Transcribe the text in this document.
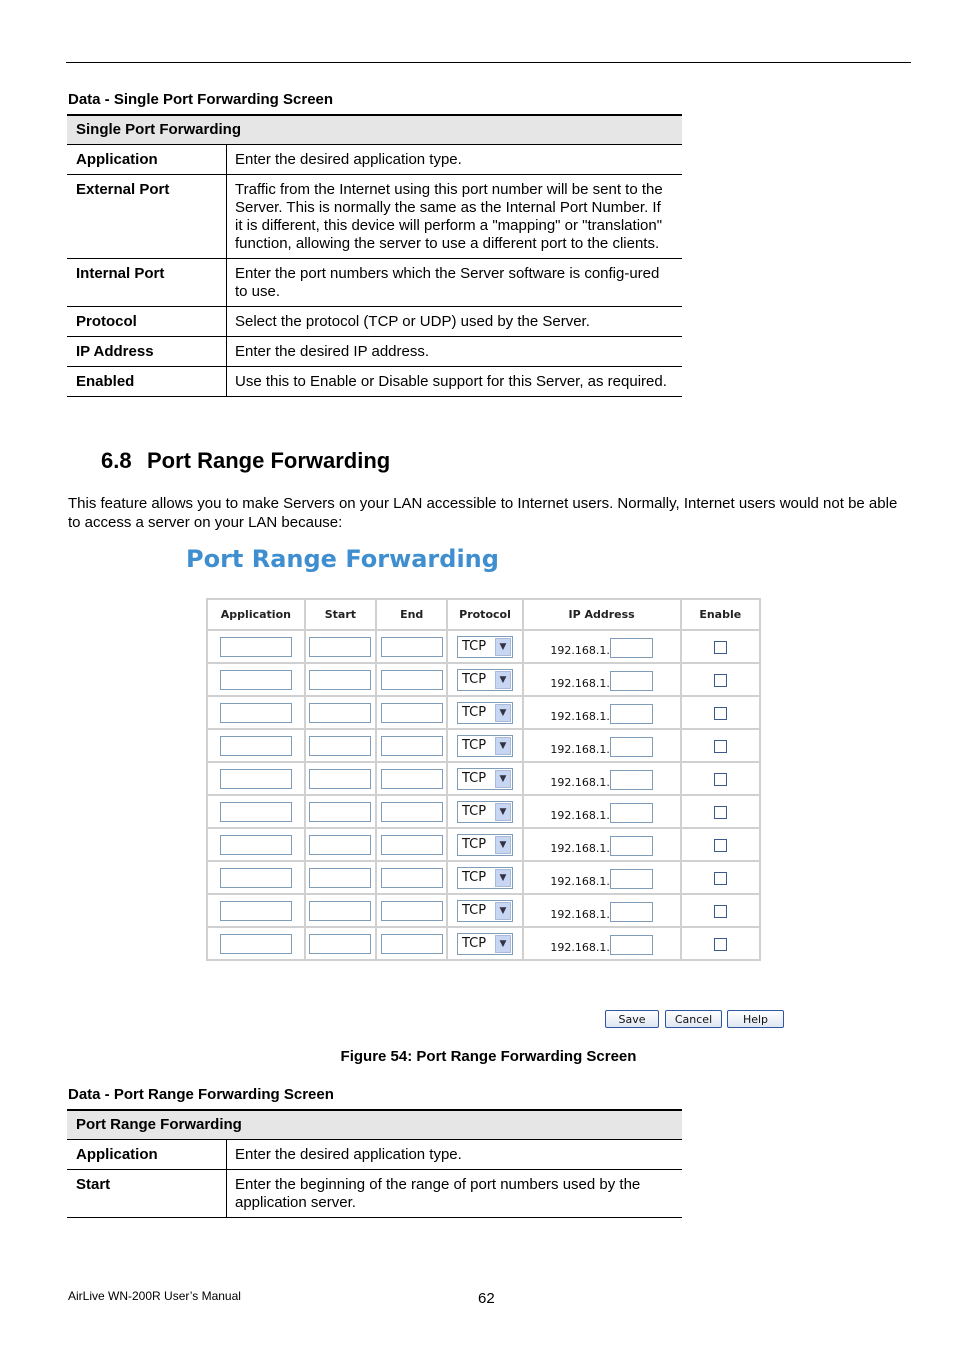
Data - Single Port Forwarding Screen
Single Port Forwarding	
Application	Enter the desired application type.
External Port	Traffic from the Internet using this port number will be sent to the Server. This is normally the same as the Internal Port Number. If it is different, this device will perform a "mapping" or "translation" function, allowing the server to use a different port to the clients.
Internal Port	Enter the port numbers which the Server software is config-ured to use.
Protocol	Select the protocol (TCP or UDP) used by the Server.
IP Address	Enter the desired IP address.
Enabled	Use this to Enable or Disable support for this Server, as required.
6.8 Port Range Forwarding
This feature allows you to make Servers on your LAN accessible to Internet users. Normally, Internet users would not be able to access a server on your LAN because:
Port Range Forwarding
Application	Start	End	Protocol	IP Address	Enable

			TCP ▼	192.168.1.	

			TCP ▼	192.168.1.	

			TCP ▼	192.168.1.	

			TCP ▼	192.168.1.	

			TCP ▼	192.168.1.	

			TCP ▼	192.168.1.	

			TCP ▼	192.168.1.	

			TCP ▼	192.168.1.	

			TCP ▼	192.168.1.	

			TCP ▼	192.168.1.	
Save	Cancel	Help
Figure 54: Port Range Forwarding Screen
Data - Port Range Forwarding Screen
Port Range Forwarding	
Application	Enter the desired application type.
Start	Enter the beginning of the range of port numbers used by the application server.
AirLive WN-200R User’s Manual	62
